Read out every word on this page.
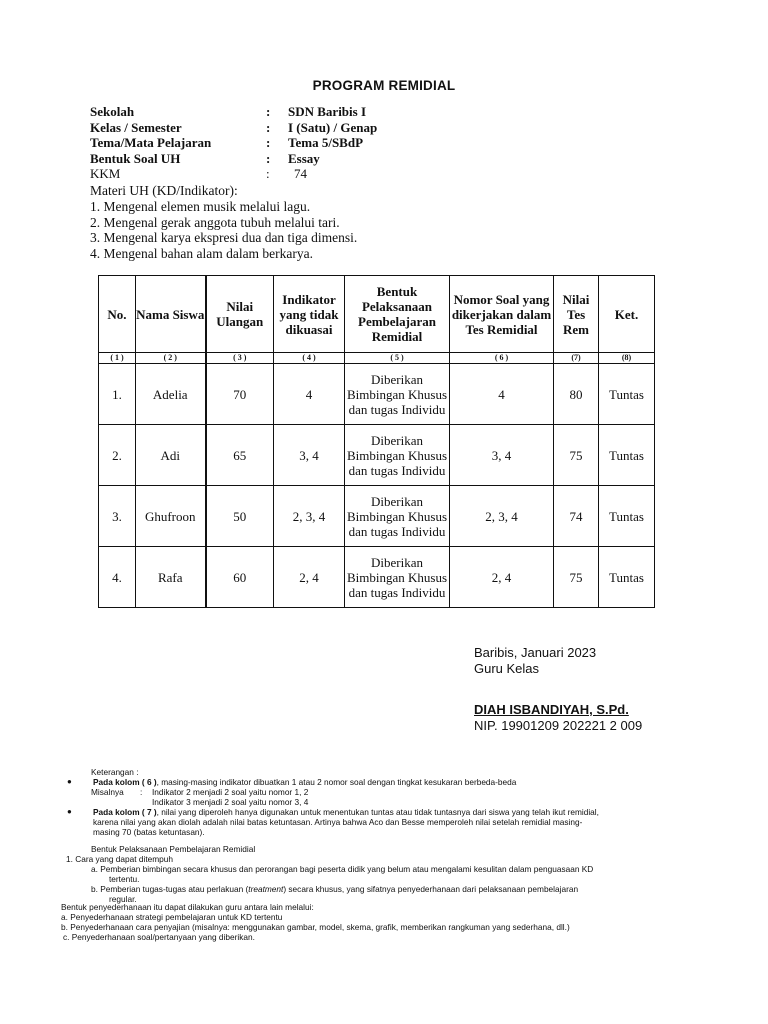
PROGRAM REMIDIAL
Sekolah	: SDN Baribis I
Kelas / Semester	: I (Satu) / Genap
Tema/Mata Pelajaran	: Tema 5/SBdP
Bentuk Soal UH	: Essay
KKM	: 74
Materi UH (KD/Indikator):
1. Mengenal elemen musik melalui lagu.
2. Mengenal gerak anggota tubuh melalui tari.
3. Mengenal karya ekspresi dua dan tiga dimensi.
4. Mengenal bahan alam dalam berkarya.
No.	Nama Siswa	Nilai Ulangan	Indikator yang tidak dikuasai	Bentuk Pelaksanaan Pembelajaran Remidial	Nomor Soal yang dikerjakan dalam Tes Remidial	Nilai Tes Rem	Ket.
( 1 )	( 2 )	( 3 )	( 4 )	( 5 )	( 6 )	(7)	(8)
1.	Adelia	70	4	Diberikan Bimbingan Khusus dan tugas Individu	4	80	Tuntas
2.	Adi	65	3, 4	Diberikan Bimbingan Khusus dan tugas Individu	3, 4	75	Tuntas
3.	Ghufroon	50	2, 3, 4	Diberikan Bimbingan Khusus dan tugas Individu	2, 3, 4	74	Tuntas
4.	Rafa	60	2, 4	Diberikan Bimbingan Khusus dan tugas Individu	2, 4	75	Tuntas
Baribis, Januari 2023
Guru Kelas
DIAH ISBANDIYAH, S.Pd.
NIP. 19901209 202221 2 009
Keterangan :
●	Pada kolom ( 6 ), masing-masing indikator dibuatkan 1 atau 2 nomor soal dengan tingkat kesukaran berbeda-beda
Misalnya : Indikator 2 menjadi 2 soal yaitu nomor 1, 2
Indikator 3 menjadi 2 soal yaitu nomor 3, 4
●	Pada kolom ( 7 ), nilai yang diperoleh hanya digunakan untuk menentukan tuntas atau tidak tuntasnya dari siswa yang telah ikut remidial,
karena nilai yang akan diolah adalah nilai batas ketuntasan. Artinya bahwa Aco dan Besse memperoleh nilai setelah remidial masing-
masing 70 (batas ketuntasan).
Bentuk Pelaksanaan Pembelajaran Remidial
1. Cara yang dapat ditempuh
a. Pemberian bimbingan secara khusus dan perorangan bagi peserta didik yang belum atau mengalami kesulitan dalam penguasaan KD
tertentu.
b. Pemberian tugas-tugas atau perlakuan (treatment) secara khusus, yang sifatnya penyederhanaan dari pelaksanaan pembelajaran
regular.
Bentuk penyederhanaan itu dapat dilakukan guru antara lain melalui:
a. Penyederhanaan strategi pembelajaran untuk KD tertentu
b. Penyederhanaan cara penyajian (misalnya: menggunakan gambar, model, skema, grafik, memberikan rangkuman yang sederhana, dll.)
c. Penyederhanaan soal/pertanyaan yang diberikan.
